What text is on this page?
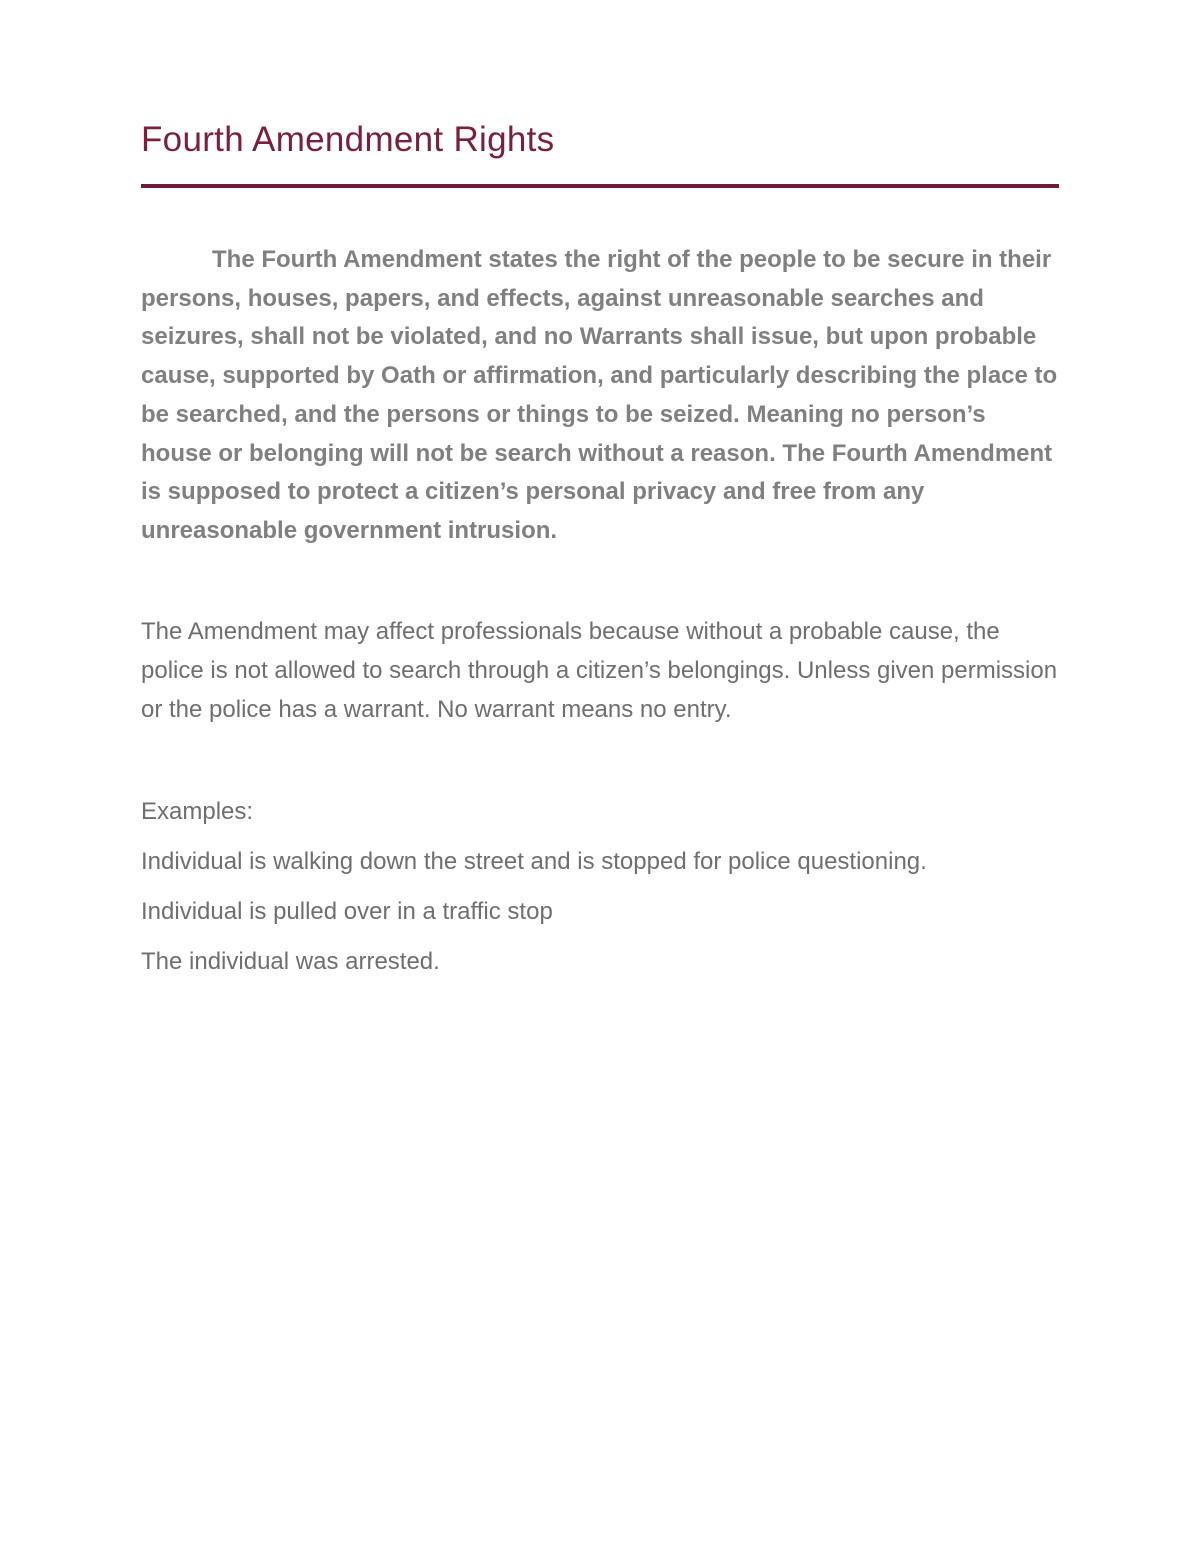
Fourth Amendment Rights

The Fourth Amendment states the right of the people to be secure in their persons, houses, papers, and effects, against unreasonable searches and seizures, shall not be violated, and no Warrants shall issue, but upon probable cause, supported by Oath or affirmation, and particularly describing the place to be searched, and the persons or things to be seized. Meaning no person’s house or belonging will not be search without a reason. The Fourth Amendment is supposed to protect a citizen’s personal privacy and free from any unreasonable government intrusion.

The Amendment may affect professionals because without a probable cause, the police is not allowed to search through a citizen’s belongings. Unless given permission or the police has a warrant. No warrant means no entry.

Examples:

Individual is walking down the street and is stopped for police questioning.

Individual is pulled over in a traffic stop

The individual was arrested.
